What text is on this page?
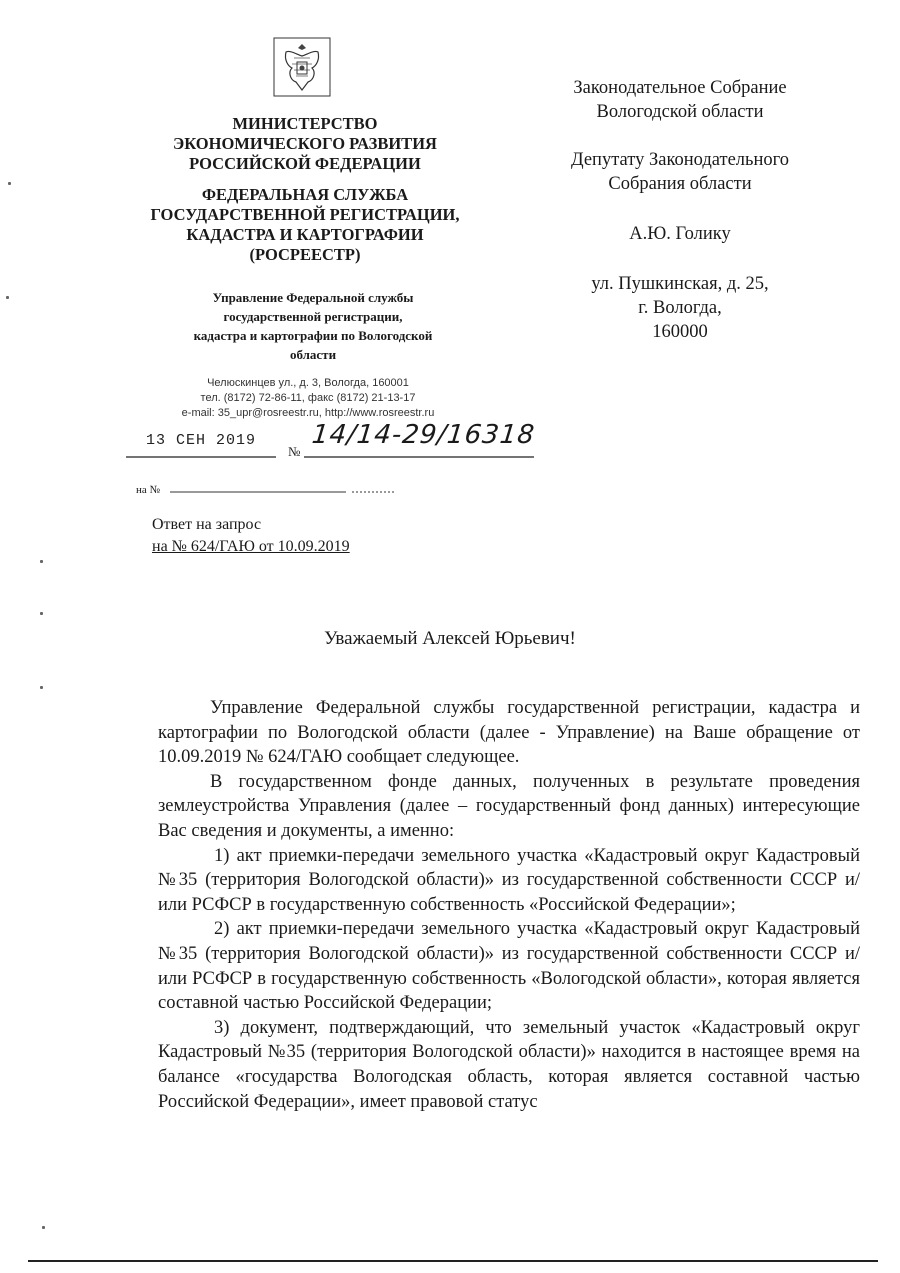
МИНИСТЕРСТВО
ЭКОНОМИЧЕСКОГО РАЗВИТИЯ
РОССИЙСКОЙ ФЕДЕРАЦИИ
ФЕДЕРАЛЬНАЯ СЛУЖБА
ГОСУДАРСТВЕННОЙ РЕГИСТРАЦИИ,
КАДАСТРА И КАРТОГРАФИИ
(РОСРЕЕСТР)
Управление Федеральной службы
государственной регистрации,
кадастра и картографии по Вологодской
области
Челюскинцев ул., д. 3, Вологда, 160001
тел. (8172) 72-86-11, факс (8172) 21-13-17
e-mail: 35_upr@rosreestr.ru, http://www.rosreestr.ru
Законодательное Собрание
Вологодской области
Депутату Законодательного
Собрания области
А.Ю. Голику
ул. Пушкинская, д. 25,
г. Вологда,
160000
13 СЕН 2019
№
14/14-29/16318
на №
Ответ на запрос
на № 624/ГАЮ от 10.09.2019
Уважаемый Алексей Юрьевич!

Управление Федеральной службы государственной регистрации, кадастра и картографии по Вологодской области (далее - Управление) на Ваше обращение от 10.09.2019 № 624/ГАЮ сообщает следующее.

В государственном фонде данных, полученных в результате проведения землеустройства Управления (далее – государственный фонд данных) интересующие Вас сведения и документы, а именно:

1) акт приемки-передачи земельного участка «Кадастровый округ Кадастровый №35 (территория Вологодской области)» из государственной собственности СССР и/или РСФСР в государственную собственность «Российской Федерации»;

2) акт приемки-передачи земельного участка «Кадастровый округ Кадастровый №35 (территория Вологодской области)» из государственной собственности СССР и/или РСФСР в государственную собственность «Вологодской области», которая является составной частью Российской Федерации;

3) документ, подтверждающий, что земельный участок «Кадастровый округ Кадастровый №35 (территория Вологодской области)» находится в настоящее время на балансе «государства Вологодская область, которая является составной частью Российской Федерации», имеет правовой статус
